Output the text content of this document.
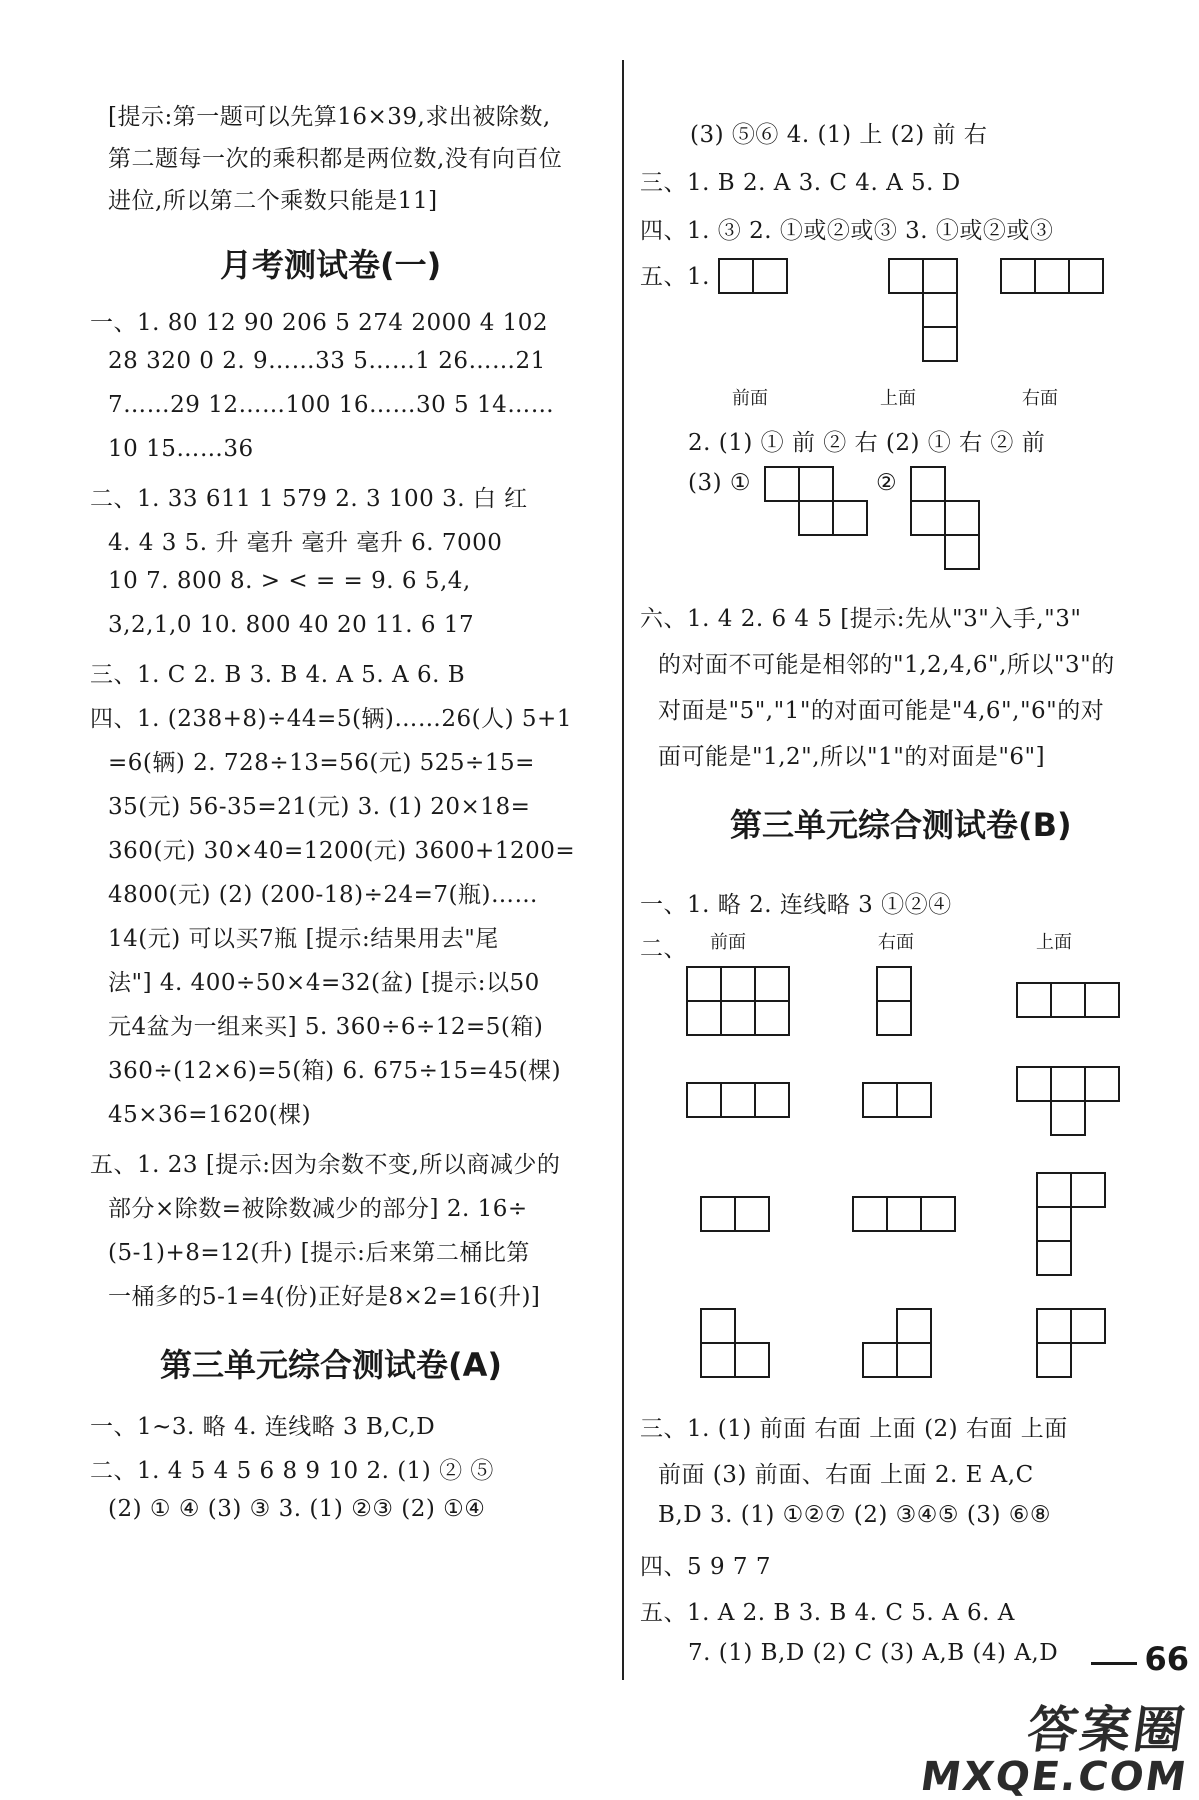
[提示:第一题可以先算16×39,求出被除数,
第二题每一次的乘积都是两位数,没有向百位
进位,所以第二个乘数只能是11]
月考测试卷(一)
一、1. 80 12 90 206 5 274 2000 4 102
28 320 0 2. 9……33 5……1 26……21
7……29 12……100 16……30 5 14……
10 15……36
二、1. 33 611 1 579 2. 3 100 3. 白 红
4. 4 3 5. 升 毫升 毫升 毫升 6. 7000
10 7. 800 8. > < = = 9. 6 5,4,
3,2,1,0 10. 800 40 20 11. 6 17
三、1. C 2. B 3. B 4. A 5. A 6. B
四、1. (238+8)÷44=5(辆)……26(人) 5+1
=6(辆) 2. 728÷13=56(元) 525÷15=
35(元) 56-35=21(元) 3. (1) 20×18=
360(元) 30×40=1200(元) 3600+1200=
4800(元) (2) (200-18)÷24=7(瓶)……
14(元) 可以买7瓶 [提示:结果用去"尾
法"] 4. 400÷50×4=32(盆) [提示:以50
元4盆为一组来买] 5. 360÷6÷12=5(箱)
360÷(12×6)=5(箱) 6. 675÷15=45(棵)
45×36=1620(棵)
五、1. 23 [提示:因为余数不变,所以商减少的
部分×除数=被除数减少的部分] 2. 16÷
(5-1)+8=12(升) [提示:后来第二桶比第
一桶多的5-1=4(份)正好是8×2=16(升)]
第三单元综合测试卷(A)
一、1~3. 略 4. 连线略 3 B,C,D
二、1. 4 5 4 5 6 8 9 10 2. (1) ② ⑤
(2) ① ④ (3) ③ 3. (1) ②③ (2) ①④
(3) ⑤⑥ 4. (1) 上 (2) 前 右
三、1. B 2. A 3. C 4. A 5. D
四、1. ③ 2. ①或②或③ 3. ①或②或③
五、1.
前面	上面	右面
2. (1) ① 前 ② 右 (2) ① 右 ② 前
(3) ①	②
六、1. 4 2. 6 4 5 [提示:先从"3"入手,"3"
的对面不可能是相邻的"1,2,4,6",所以"3"的
对面是"5","1"的对面可能是"4,6","6"的对
面可能是"1,2",所以"1"的对面是"6"]
第三单元综合测试卷(B)
一、1. 略 2. 连线略 3 ①②④
二、 前面	右面	上面
三、1. (1) 前面 右面 上面 (2) 右面 上面
前面 (3) 前面、右面 上面 2. E A,C
B,D 3. (1) ①②⑦ (2) ③④⑤ (3) ⑥⑧
四、5 9 7 7
五、1. A 2. B 3. B 4. C 5. A 6. A
7. (1) B,D (2) C (3) A,B (4) A,D	66
答案圈
MXQE.COM
